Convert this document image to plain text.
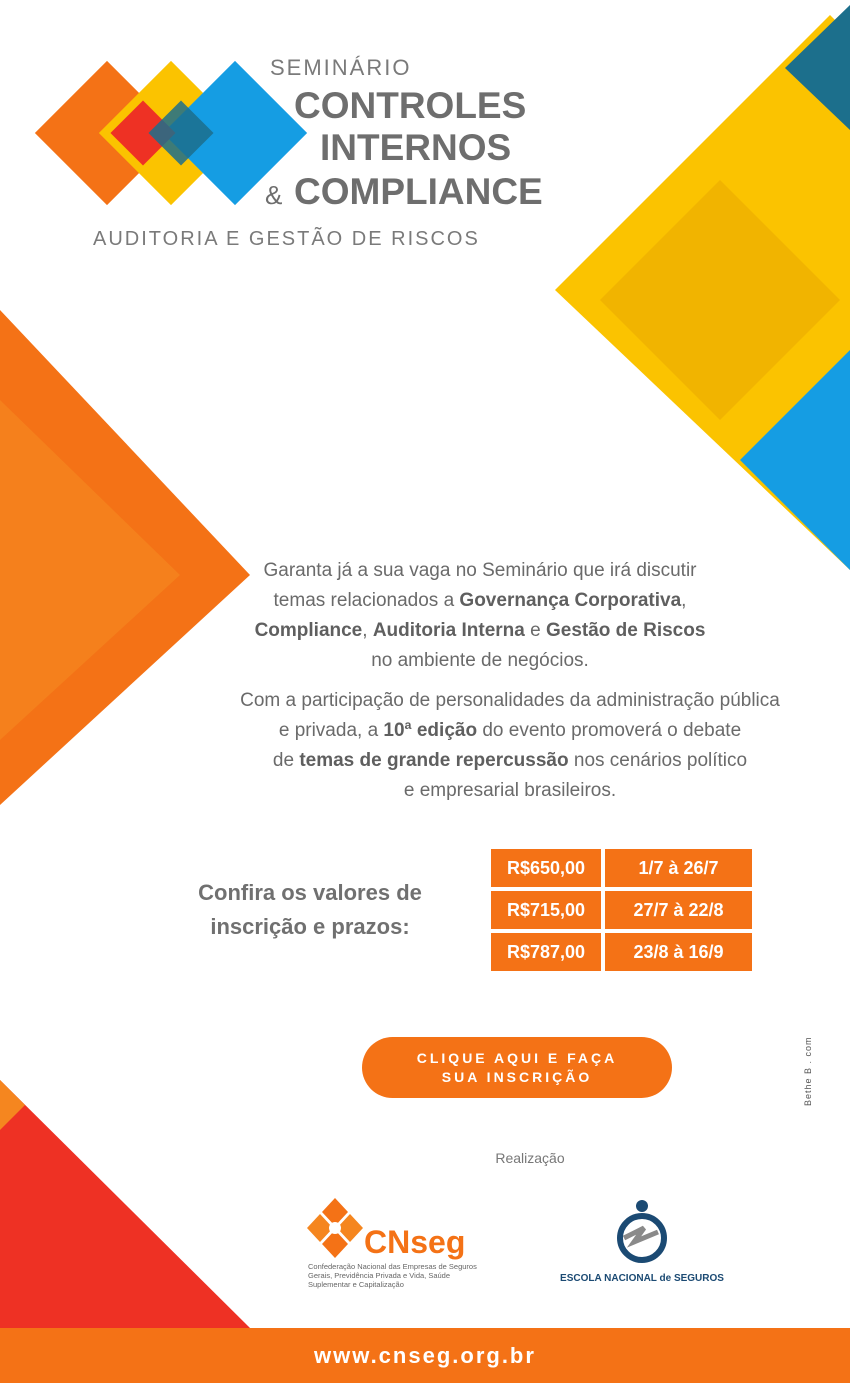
SEMINÁRIO
CONTROLES
INTERNOS
& COMPLIANCE
AUDITORIA E GESTÃO DE RISCOS
Garanta já a sua vaga no Seminário que irá discutir
temas relacionados a Governança Corporativa,
Compliance, Auditoria Interna e Gestão de Riscos
no ambiente de negócios.
Com a participação de personalidades da administração pública
e privada, a 10ª edição do evento promoverá o debate
de temas de grande repercussão nos cenários político
e empresarial brasileiros.
Confira os valores de
inscrição e prazos:
R$650,00	1/7 à 26/7
R$715,00	27/7 à 22/8
R$787,00	23/8 à 16/9
CLIQUE AQUI E FAÇA
SUA INSCRIÇÃO	Bethe B . com
Realização
CNseg
Confederação Nacional das Empresas de Seguros Gerais, Previdência Privada e Vida, Saúde Suplementar e Capitalização
ESCOLA NACIONAL de SEGUROS
www.cnseg.org.br
